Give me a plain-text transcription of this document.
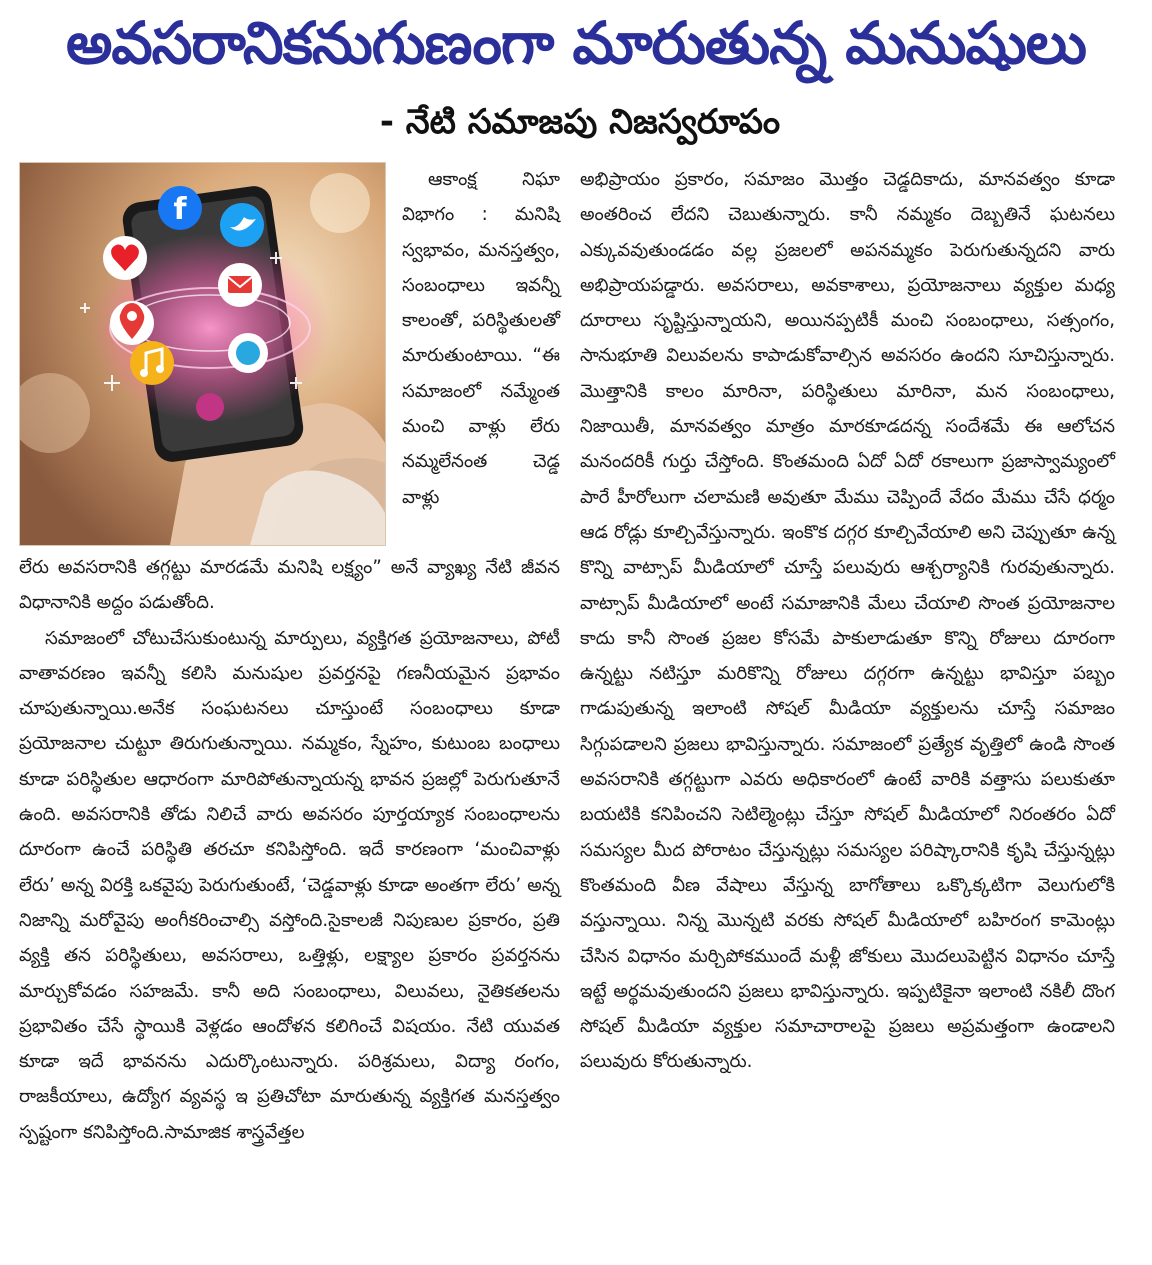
అవసరానికనుగుణంగా మారుతున్న మనుషులు
- నేటి సమాజపు నిజస్వరూపం
f

ఆకాంక్ష నిఘా విభాగం : మనిషి స్వభావం, మనస్తత్వం, సంబంధాలు ఇవన్నీ కాలంతో, పరిస్థితులతో మారుతుంటాయి. “ఈ సమాజంలో నమ్మేంత మంచి వాళ్లు లేరు నమ్మలేనంత చెడ్డ వాళ్లు

లేరు అవసరానికి తగ్గట్టు మారడమే మనిషి లక్ష్యం” అనే వ్యాఖ్య నేటి జీవన విధానానికి అద్దం పడుతోంది.

సమాజంలో చోటుచేసుకుంటున్న మార్పులు, వ్యక్తిగత ప్రయోజనాలు, పోటీ వాతావరణం ఇవన్నీ కలిసి మనుషుల ప్రవర్తనపై గణనీయమైన ప్రభావం చూపుతున్నాయి.అనేక సంఘటనలు చూస్తుంటే సంబంధాలు కూడా ప్రయోజనాల చుట్టూ తిరుగుతున్నాయి. నమ్మకం, స్నేహం, కుటుంబ బంధాలు కూడా పరిస్థితుల ఆధారంగా మారిపోతున్నాయన్న భావన ప్రజల్లో పెరుగుతూనే ఉంది. అవసరానికి తోడు నిలిచే వారు అవసరం పూర్తయ్యాక సంబంధాలను దూరంగా ఉంచే పరిస్థితి తరచూ కనిపిస్తోంది. ఇదే కారణంగా ‘మంచివాళ్లు లేరు’ అన్న విరక్తి ఒకవైపు పెరుగుతుంటే, ‘చెడ్డవాళ్లు కూడా అంతగా లేరు’ అన్న నిజాన్ని మరోవైపు అంగీకరించాల్సి వస్తోంది.సైకాలజీ నిపుణుల ప్రకారం, ప్రతి వ్యక్తి తన పరిస్థితులు, అవసరాలు, ఒత్తిళ్లు, లక్ష్యాల ప్రకారం ప్రవర్తనను మార్చుకోవడం సహజమే. కానీ అది సంబంధాలు, విలువలు, నైతికతలను ప్రభావితం చేసే స్థాయికి వెళ్లడం ఆందోళన కలిగించే విషయం. నేటి యువత కూడా ఇదే భావనను ఎదుర్కొంటున్నారు. పరిశ్రమలు, విద్యా రంగం, రాజకీయాలు, ఉద్యోగ వ్యవస్థ ఇ ప్రతిచోటా మారుతున్న వ్యక్తిగత మనస్తత్వం స్పష్టంగా కనిపిస్తోంది.సామాజిక శాస్త్రవేత్తల

అభిప్రాయం ప్రకారం, సమాజం మొత్తం చెడ్డదికాదు, మానవత్వం కూడా అంతరించ లేదని చెబుతున్నారు. కానీ నమ్మకం దెబ్బతినే ఘటనలు ఎక్కువవుతుండడం వల్ల ప్రజలలో అపనమ్మకం పెరుగుతున్నదని వారు అభిప్రాయపడ్డారు. అవసరాలు, అవకాశాలు, ప్రయోజనాలు వ్యక్తుల మధ్య దూరాలు సృష్టిస్తున్నాయని, అయినప్పటికీ మంచి సంబంధాలు, సత్సంగం, సానుభూతి విలువలను కాపాడుకోవాల్సిన అవసరం ఉందని సూచిస్తున్నారు. మొత్తానికి కాలం మారినా, పరిస్థితులు మారినా, మన సంబంధాలు, నిజాయితీ, మానవత్వం మాత్రం మారకూడదన్న సందేశమే ఈ ఆలోచన మనందరికీ గుర్తు చేస్తోంది. కొంతమంది ఏదో ఏదో రకాలుగా ప్రజాస్వామ్యంలో పారే హీరోలుగా చలామణి అవుతూ మేము చెప్పిందే వేదం మేము చేసే ధర్మం ఆడ రోడ్లు కూల్చివేస్తున్నారు. ఇంకొక దగ్గర కూల్చివేయాలి అని చెప్పుతూ ఉన్న కొన్ని వాట్సాప్ మీడియాలో చూస్తే పలువురు ఆశ్చర్యానికి గురవుతున్నారు. వాట్సాప్ మీడియాలో అంటే సమాజానికి మేలు చేయాలి సొంత ప్రయోజనాల కాదు కానీ సొంత ప్రజల కోసమే పాకులాడుతూ కొన్ని రోజులు దూరంగా ఉన్నట్టు నటిస్తూ మరికొన్ని రోజులు దగ్గరగా ఉన్నట్టు భావిస్తూ పబ్బం గాడుపుతున్న ఇలాంటి సోషల్ మీడియా వ్యక్తులను చూస్తే సమాజం సిగ్గుపడాలని ప్రజలు భావిస్తున్నారు. సమాజంలో ప్రత్యేక వృత్తిలో ఉండి సొంత అవసరానికి తగ్గట్టుగా ఎవరు అధికారంలో ఉంటే వారికి వత్తాసు పలుకుతూ బయటికి కనిపించని సెటిల్మెంట్లు చేస్తూ సోషల్ మీడియాలో నిరంతరం ఏదో సమస్యల మీద పోరాటం చేస్తున్నట్లు సమస్యల పరిష్కారానికి కృషి చేస్తున్నట్లు కొంతమంది వీణ వేషాలు వేస్తున్న బాగోతాలు ఒక్కొక్కటిగా వెలుగులోకి వస్తున్నాయి. నిన్న మొన్నటి వరకు సోషల్ మీడియాలో బహిరంగ కామెంట్లు చేసిన విధానం మర్చిపోకముందే మళ్లీ జోకులు మొదలుపెట్టిన విధానం చూస్తే ఇట్టే అర్థమవుతుందని ప్రజలు భావిస్తున్నారు. ఇప్పటికైనా ఇలాంటి నకిలీ దొంగ సోషల్ మీడియా వ్యక్తుల సమాచారాలపై ప్రజలు అప్రమత్తంగా ఉండాలని పలువురు కోరుతున్నారు.
